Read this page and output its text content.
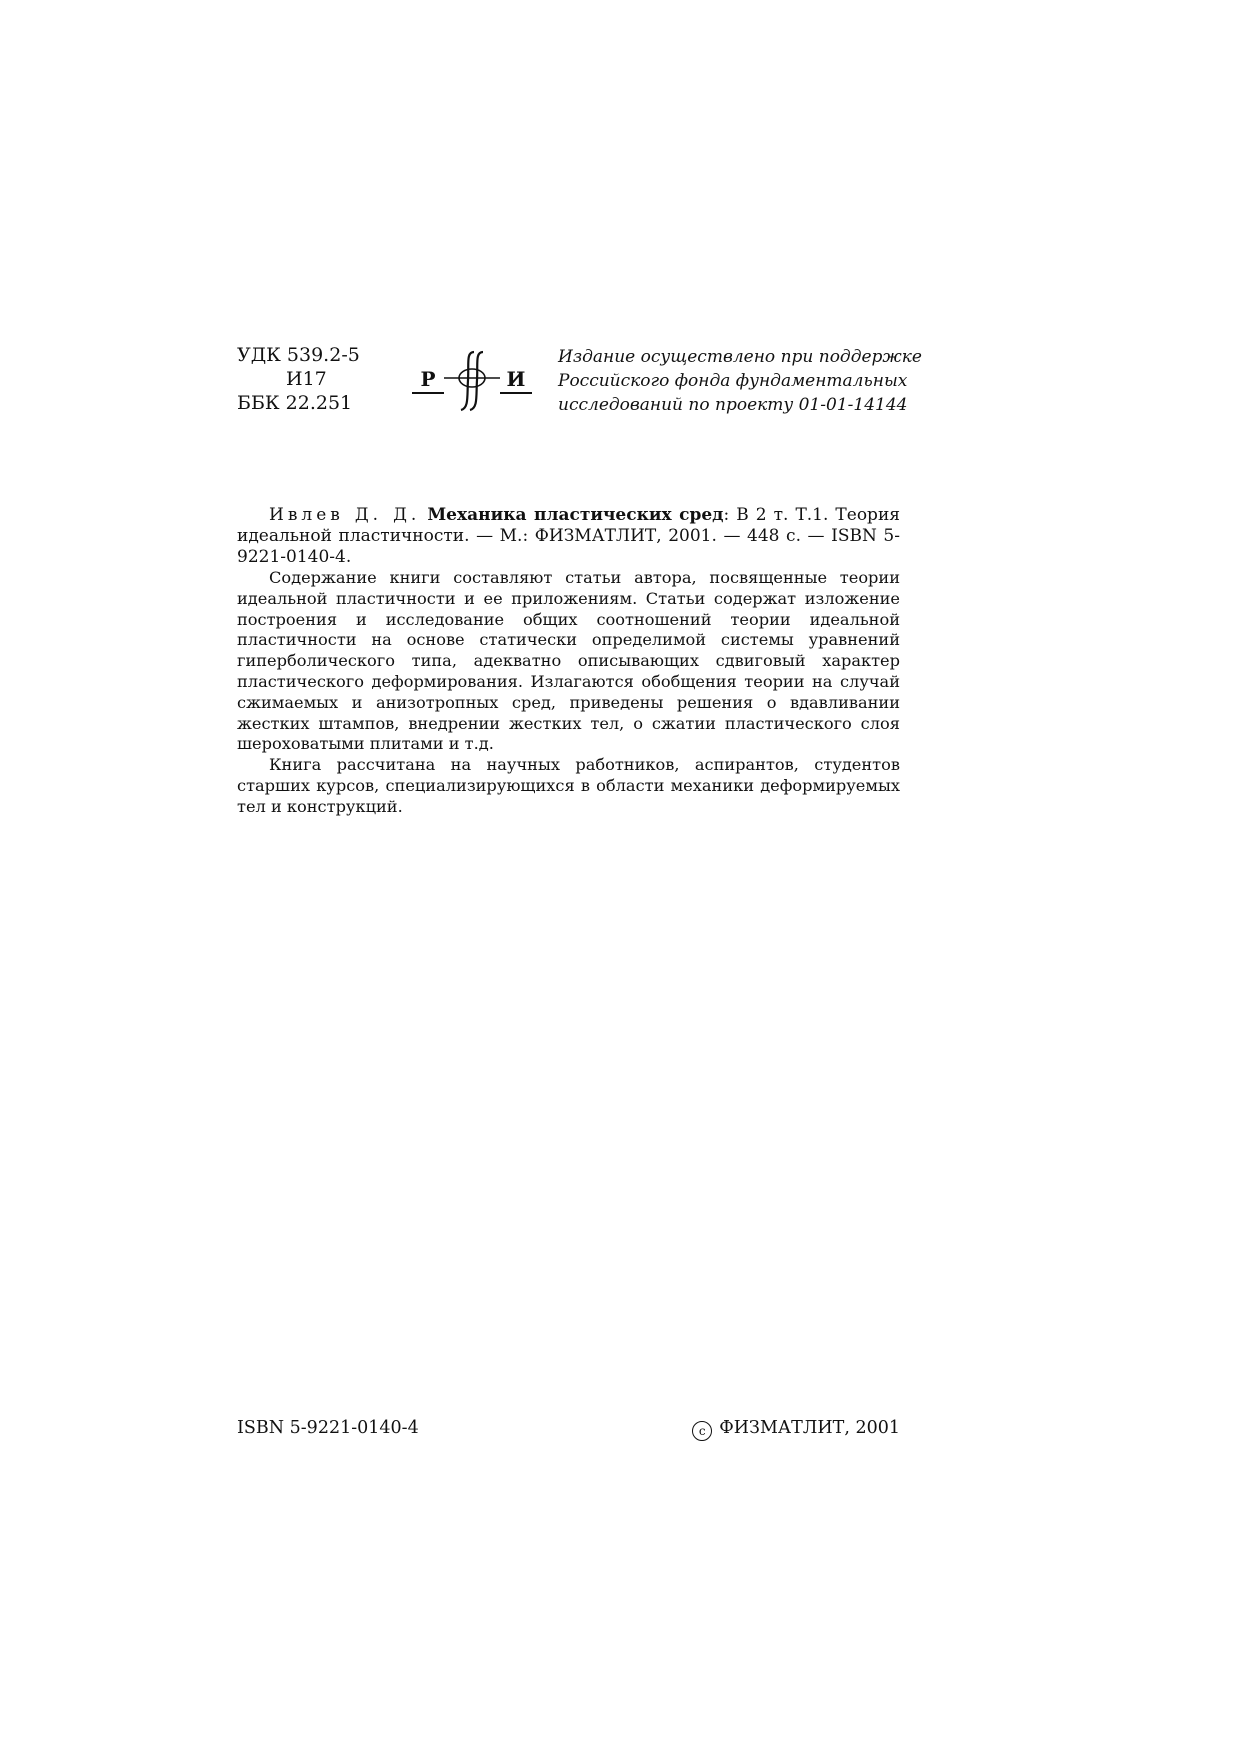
УДК 539.2-5
И17
ББК 22.251
Р	И
Издание осуществлено при поддержке
Российского фонда фундаментальных
исследований по проекту 01-01-14144

Ивлев Д. Д. Механика пластических сред: В 2 т. Т.1. Теория идеальной пластичности. — М.: ФИЗМАТЛИТ, 2001. — 448 с. — ISBN 5-9221-0140-4.

Содержание книги составляют статьи автора, посвященные теории идеальной пластичности и ее приложениям. Статьи содержат изложение построения и исследование общих соотношений теории идеальной пластичности на основе статически определимой системы уравнений гиперболического типа, адекватно описывающих сдвиговый характер пластического деформирования. Излагаются обобщения теории на случай сжимаемых и анизотропных сред, приведены решения о вдавливании жестких штампов, внедрении жестких тел, о сжатии пластического слоя шероховатыми плитами и т.д.

Книга рассчитана на научных работников, аспирантов, студентов старших курсов, специализирующихся в области механики деформируемых тел и конструкций.

ISBN 5-9221-0140-4	c ФИЗМАТЛИТ, 2001
